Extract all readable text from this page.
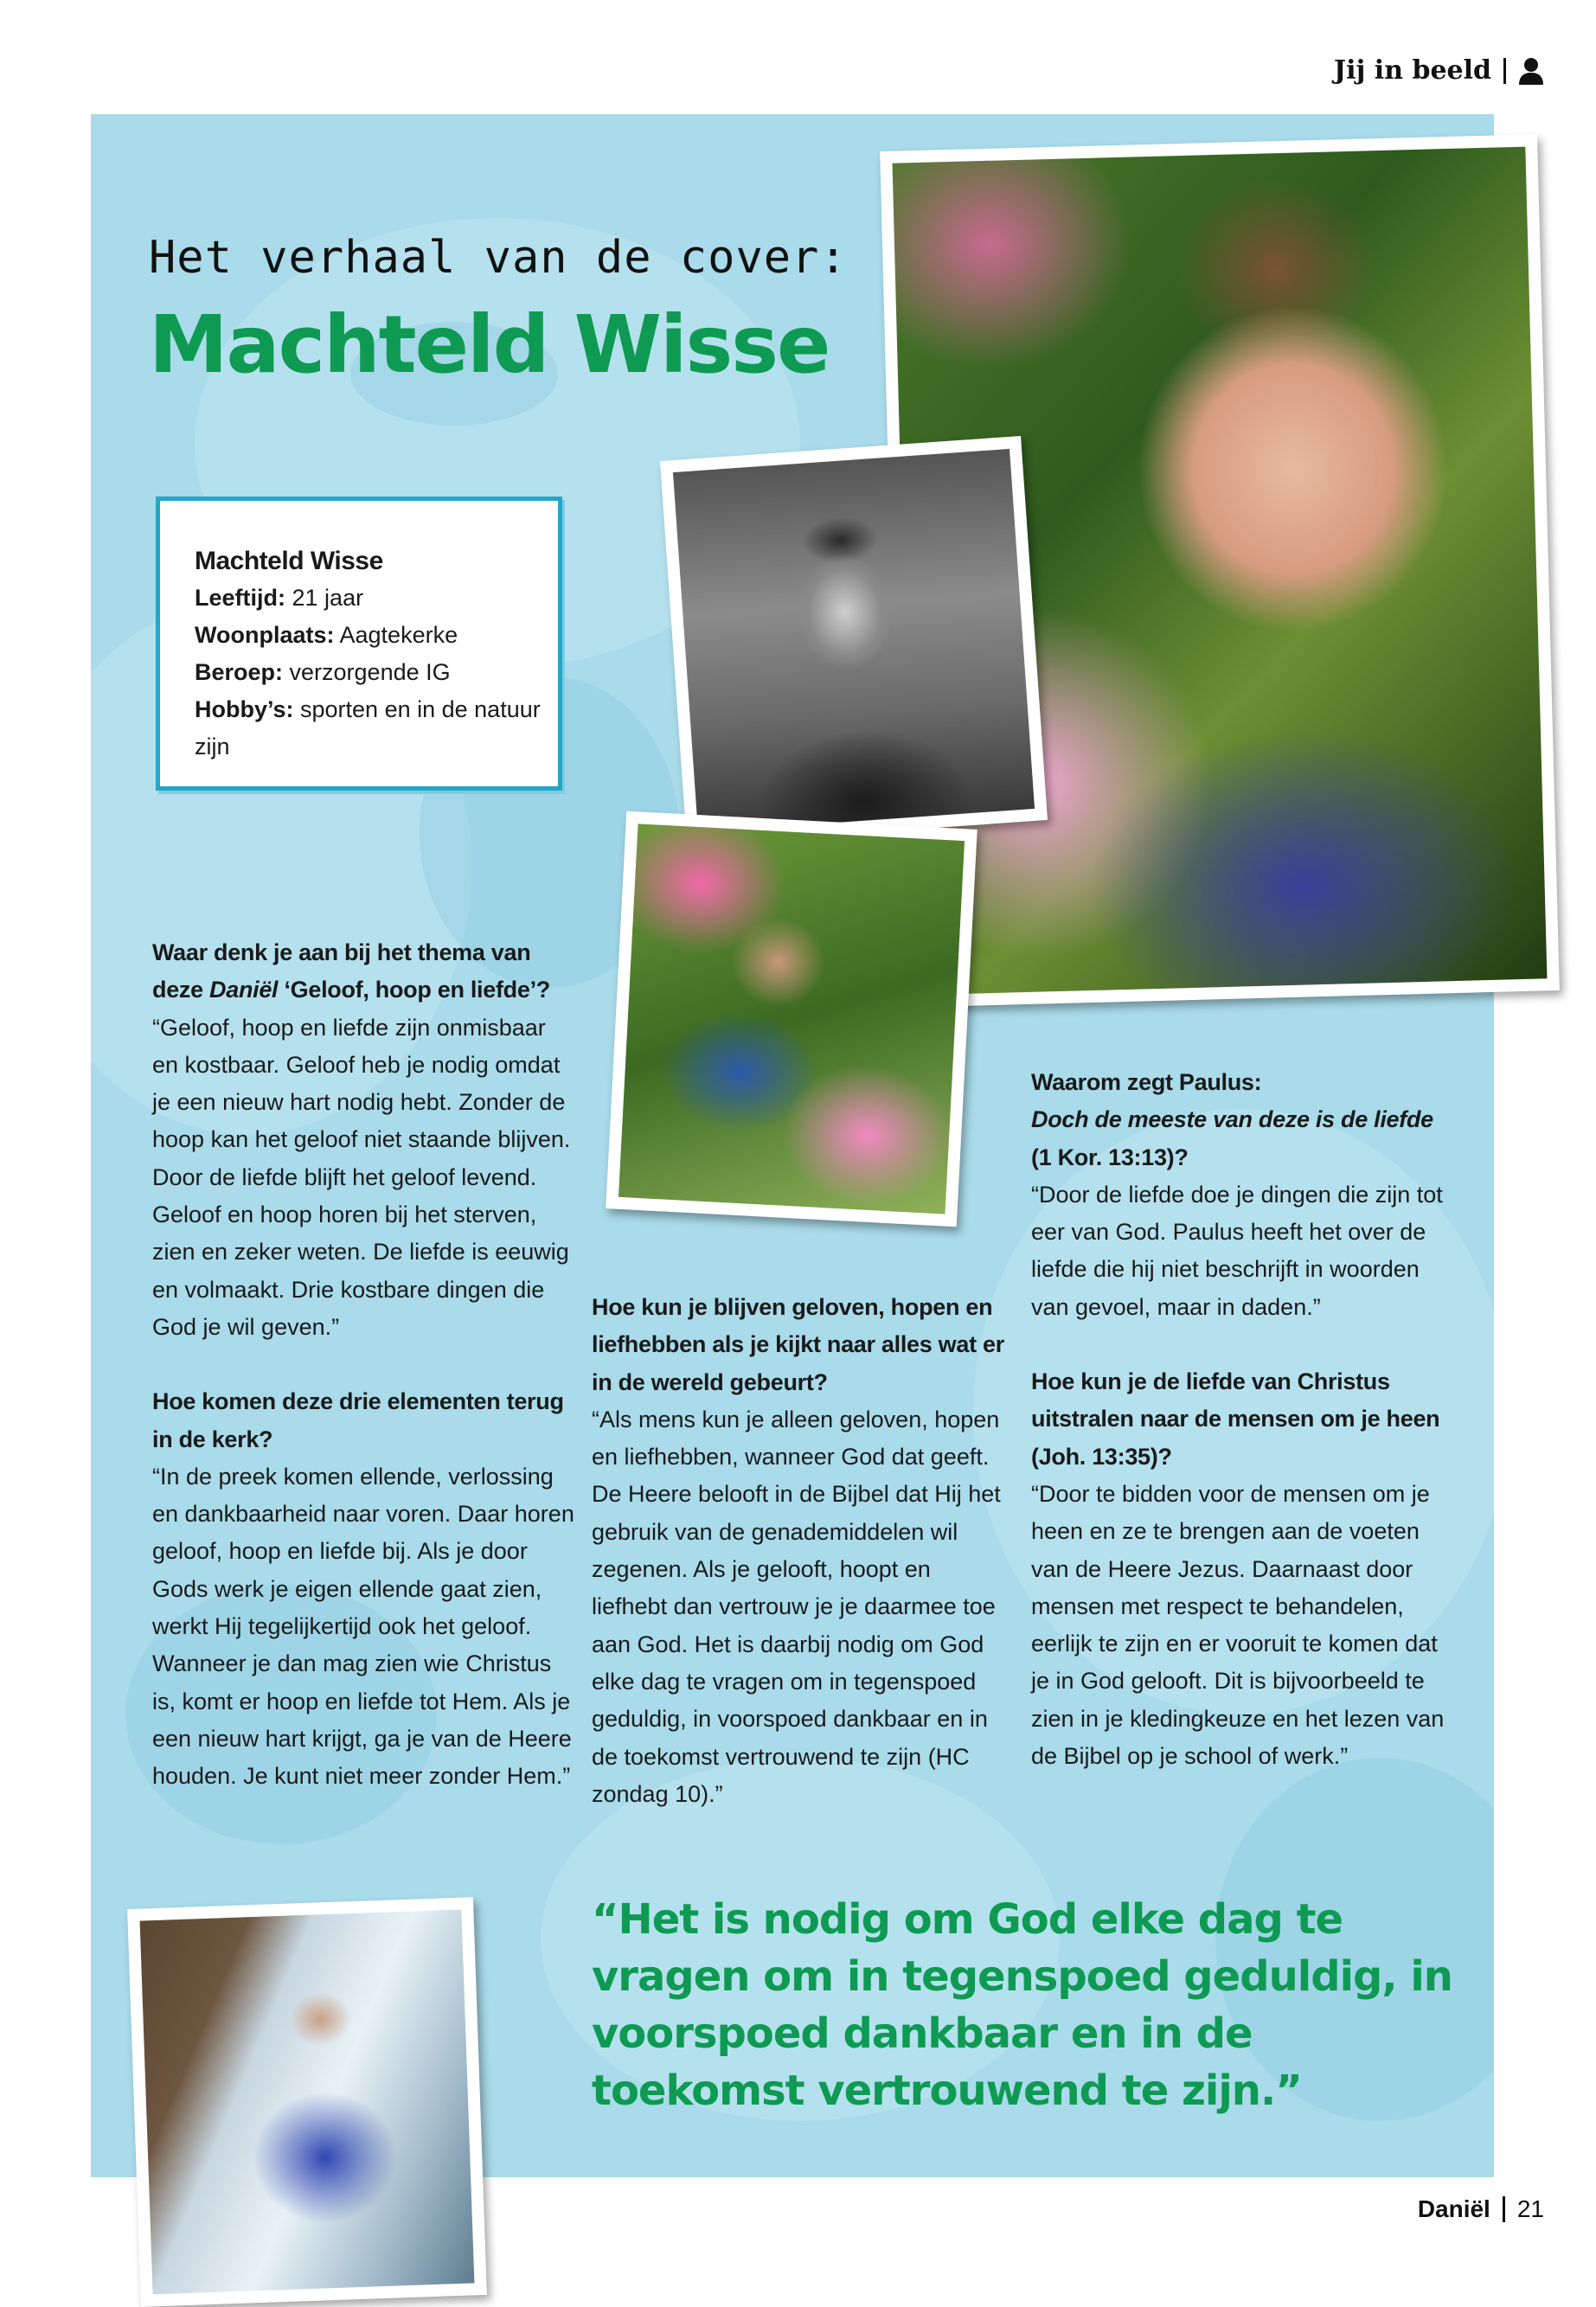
Jij in beeld
Het verhaal van de cover:
Machteld Wisse
Machteld Wisse
Leeftijd: 21 jaar
Woonplaats: Aagtekerke
Beroep: verzorgende IG
Hobby’s: sporten en in de natuur zijn

Waar denk je aan bij het thema van deze Daniël ‘Geloof, hoop en liefde’?

“Geloof, hoop en liefde zijn onmisbaar en kostbaar. Geloof heb je nodig omdat je een nieuw hart nodig hebt. Zonder de hoop kan het geloof niet staande blijven. Door de liefde blijft het geloof levend. Geloof en hoop horen bij het sterven, zien en zeker weten. De liefde is eeuwig en volmaakt. Drie kostbare dingen die God je wil geven.”

Hoe komen deze drie elementen terug in de kerk?

“In de preek komen ellende, verlossing en dankbaarheid naar voren. Daar horen geloof, hoop en liefde bij. Als je door Gods werk je eigen ellende gaat zien, werkt Hij tegelijkertijd ook het geloof. Wanneer je dan mag zien wie Christus is, komt er hoop en liefde tot Hem. Als je een nieuw hart krijgt, ga je van de Heere houden. Je kunt niet meer zonder Hem.”

Hoe kun je blijven geloven, hopen en liefhebben als je kijkt naar alles wat er in de wereld gebeurt?

“Als mens kun je alleen geloven, hopen en liefhebben, wanneer God dat geeft. De Heere belooft in de Bijbel dat Hij het gebruik van de genademiddelen wil zegenen. Als je gelooft, hoopt en liefhebt dan vertrouw je je daarmee toe aan God. Het is daarbij nodig om God elke dag te vragen om in tegenspoed geduldig, in voorspoed dankbaar en in de toekomst vertrouwend te zijn (HC zondag 10).”

Waarom zegt Paulus:
Doch de meeste van deze is de liefde
(1 Kor. 13:13)?

“Door de liefde doe je dingen die zijn tot eer van God. Paulus heeft het over de liefde die hij niet beschrijft in woorden van gevoel, maar in daden.”

Hoe kun je de liefde van Christus uitstralen naar de mensen om je heen (Joh. 13:35)?

“Door te bidden voor de mensen om je heen en ze te brengen aan de voeten van de Heere Jezus. Daarnaast door mensen met respect te behandelen, eerlijk te zijn en er vooruit te komen dat je in God gelooft. Dit is bijvoorbeeld te zien in je kledingkeuze en het lezen van de Bijbel op je school of werk.”

“Het is nodig om God elke dag te vragen om in tegenspoed geduldig, in voorspoed dankbaar en in de toekomst vertrouwend te zijn.”
Daniël 21
